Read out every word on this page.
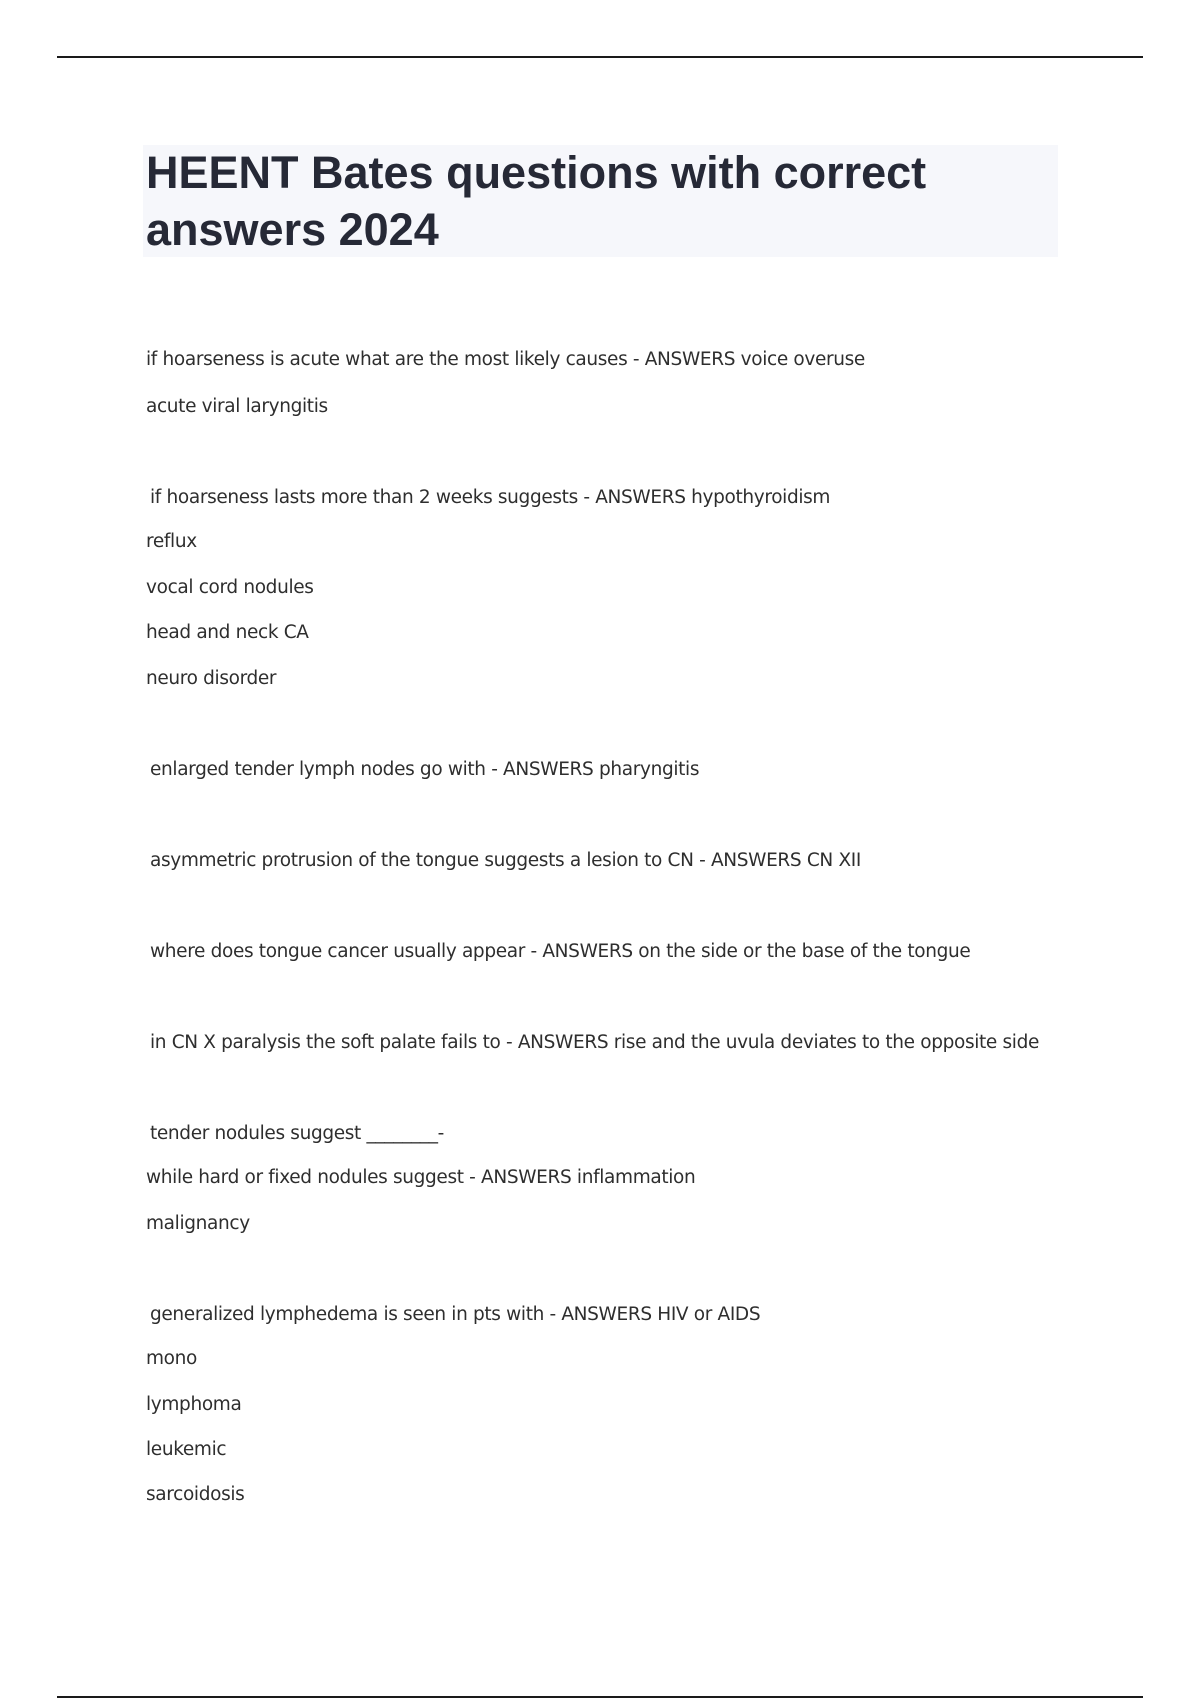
HEENT Bates questions with correct answers 2024

if hoarseness is acute what are the most likely causes - ANSWERS voice overuse

acute viral laryngitis

if hoarseness lasts more than 2 weeks suggests - ANSWERS hypothyroidism

reflux

vocal cord nodules

head and neck CA

neuro disorder

enlarged tender lymph nodes go with - ANSWERS pharyngitis

asymmetric protrusion of the tongue suggests a lesion to CN - ANSWERS CN XII

where does tongue cancer usually appear - ANSWERS on the side or the base of the tongue

in CN X paralysis the soft palate fails to - ANSWERS rise and the uvula deviates to the opposite side

tender nodules suggest ________-

while hard or fixed nodules suggest - ANSWERS inflammation

malignancy

generalized lymphedema is seen in pts with - ANSWERS HIV or AIDS

mono

lymphoma

leukemic

sarcoidosis
